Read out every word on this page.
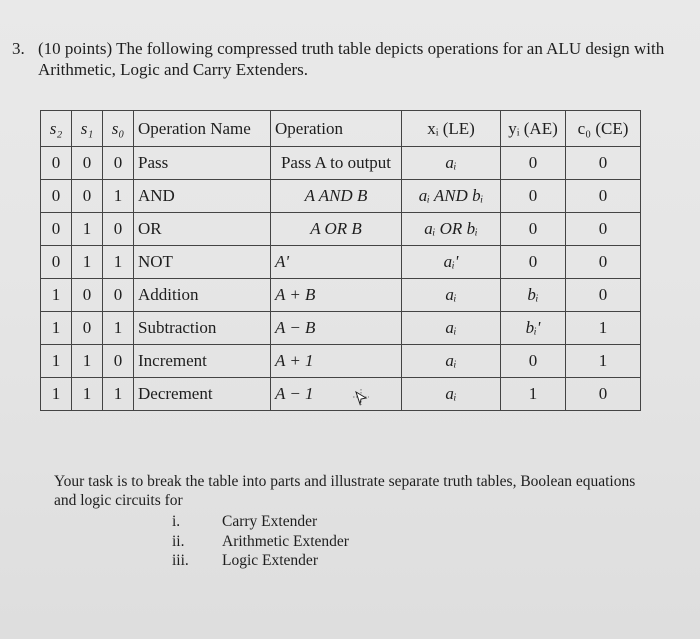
3. (10 points) The following compressed truth table depicts operations for an ALU design with Arithmetic, Logic and Carry Extenders.
s₂	s₁	s₀	Operation Name	Operation	xᵢ (LE)	yᵢ (AE)	c₀ (CE)
0	0	0	Pass	Pass A to output	aᵢ	0	0
0	0	1	AND	A AND B	aᵢ AND bᵢ	0	0
0	1	0	OR	A OR B	aᵢ OR bᵢ	0	0
0	1	1	NOT	A'	aᵢ'	0	0
1	0	0	Addition	A + B	aᵢ	bᵢ	0
1	0	1	Subtraction	A − B	aᵢ	bᵢ'	1
1	1	0	Increment	A + 1	aᵢ	0	1
1	1	1	Decrement	A − 1	aᵢ	1	0
Your task is to break the table into parts and illustrate separate truth tables, Boolean equations and logic circuits for
i.	Carry Extender
ii.	Arithmetic Extender
iii.	Logic Extender
